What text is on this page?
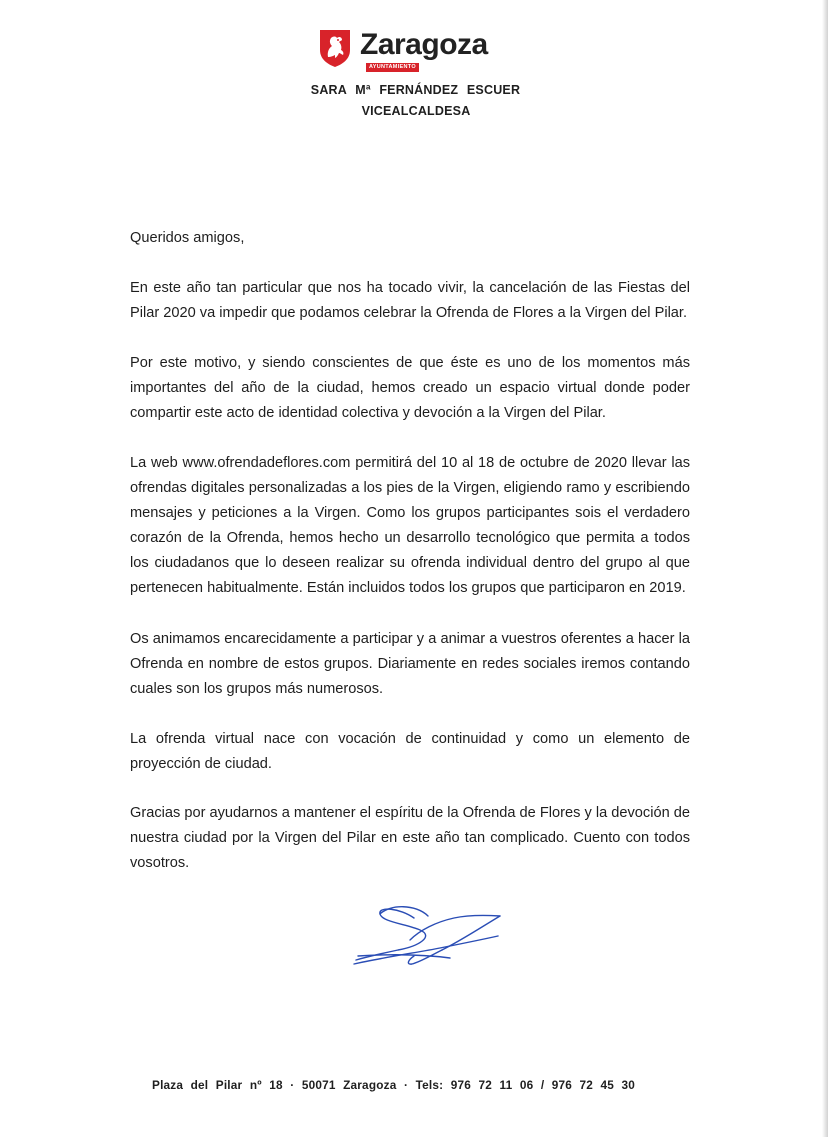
Zaragoza
AYUNTAMIENTO
SARA Mª FERNÁNDEZ ESCUER
VICEALCALDESA
Queridos amigos,
En este año tan particular que nos ha tocado vivir, la cancelación de las Fiestas del Pilar 2020 va impedir que podamos celebrar la Ofrenda de Flores a la Virgen del Pilar.
Por este motivo, y siendo conscientes de que éste es uno de los momentos más importantes del año de la ciudad, hemos creado un espacio virtual donde poder compartir este acto de identidad colectiva y devoción a la Virgen del Pilar.
La web www.ofrendadeflores.com permitirá del 10 al 18 de octubre de 2020 llevar las ofrendas digitales personalizadas a los pies de la Virgen, eligiendo ramo y escribiendo mensajes y peticiones a la Virgen. Como los grupos participantes sois el verdadero corazón de la Ofrenda, hemos hecho un desarrollo tecnológico que permita a todos los ciudadanos que lo deseen realizar su ofrenda individual dentro del grupo al que pertenecen habitualmente. Están incluidos todos los grupos que participaron en 2019.
Os animamos encarecidamente a participar y a animar a vuestros oferentes a hacer la Ofrenda en nombre de estos grupos. Diariamente en redes sociales iremos contando cuales son los grupos más numerosos.
La ofrenda virtual nace con vocación de continuidad y como un elemento de proyección de ciudad.
Gracias por ayudarnos a mantener el espíritu de la Ofrenda de Flores y la devoción de nuestra ciudad por la Virgen del Pilar en este año tan complicado. Cuento con todos vosotros.
Plaza del Pilar nº 18 · 50071 Zaragoza · Tels: 976 72 11 06 / 976 72 45 30
